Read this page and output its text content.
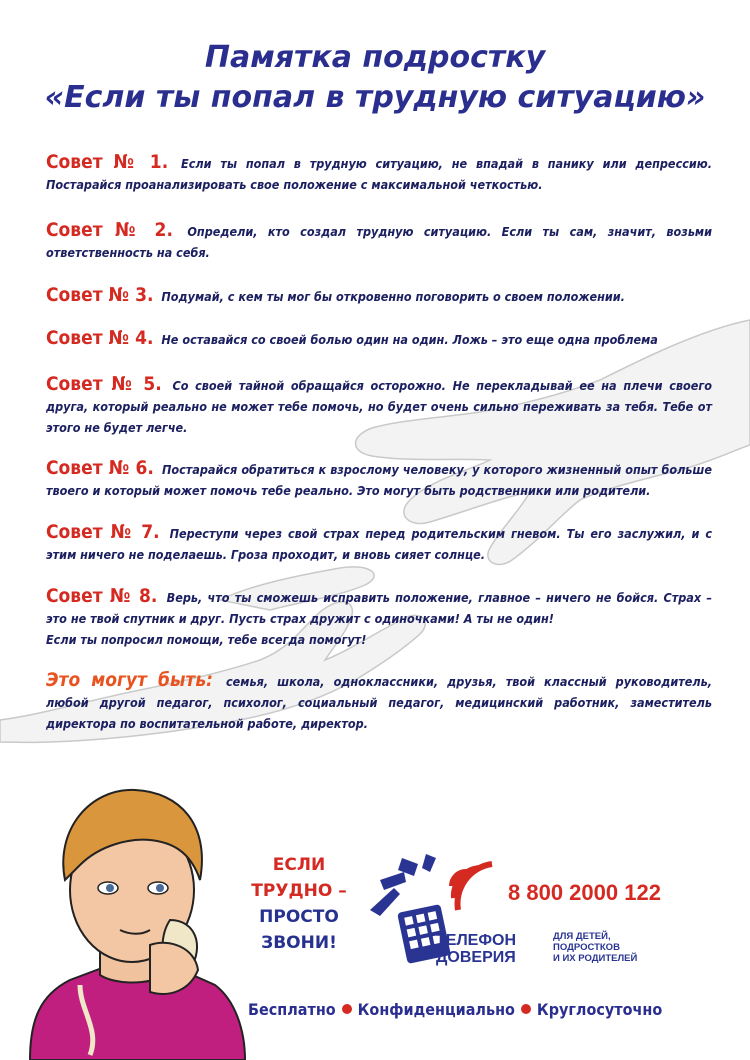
Памятка подростку
«Если ты попал в трудную ситуацию»
Совет № 1. Если ты попал в трудную ситуацию, не впадай в панику или депрессию. Постарайся проанализировать свое положение с максимальной четкостью.
Совет № 2. Определи, кто создал трудную ситуацию. Если ты сам, значит, возьми ответственность на себя.
Совет № 3. Подумай, с кем ты мог бы откровенно поговорить о своем положении.
Совет № 4. Не оставайся со своей болью один на один. Ложь – это еще одна проблема
Совет № 5. Со своей тайной обращайся осторожно. Не перекладывай ее на плечи своего друга, который реально не может тебе помочь, но будет очень сильно переживать за тебя. Тебе от этого не будет легче.
Совет № 6. Постарайся обратиться к взрослому человеку, у которого жизненный опыт больше твоего и который может помочь тебе реально. Это могут быть родственники или родители.
Совет № 7. Переступи через свой страх перед родительским гневом. Ты его заслужил, и с этим ничего не поделаешь. Гроза проходит, и вновь сияет солнце.
Совет № 8. Верь, что ты сможешь исправить положение, главное – ничего не бойся. Страх – это не твой спутник и друг. Пусть страх дружит с одиночками! А ты не один!
Если ты попросил помощи, тебе всегда помогут!
Это могут быть: семья, школа, одноклассники, друзья, твой классный руководитель, любой другой педагог, психолог, социальный педагог, медицинский работник, заместитель директора по воспитательной работе, директор.
ЕСЛИ
ТРУДНО –
ПРОСТО
ЗВОНИ!
8 800 2000 122
ТЕЛЕФОН
ДОВЕРИЯ
ДЛЯ ДЕТЕЙ,
ПОДРОСТКОВ
И ИХ РОДИТЕЛЕЙ
Бесплатно Конфиденциально Круглосуточно
